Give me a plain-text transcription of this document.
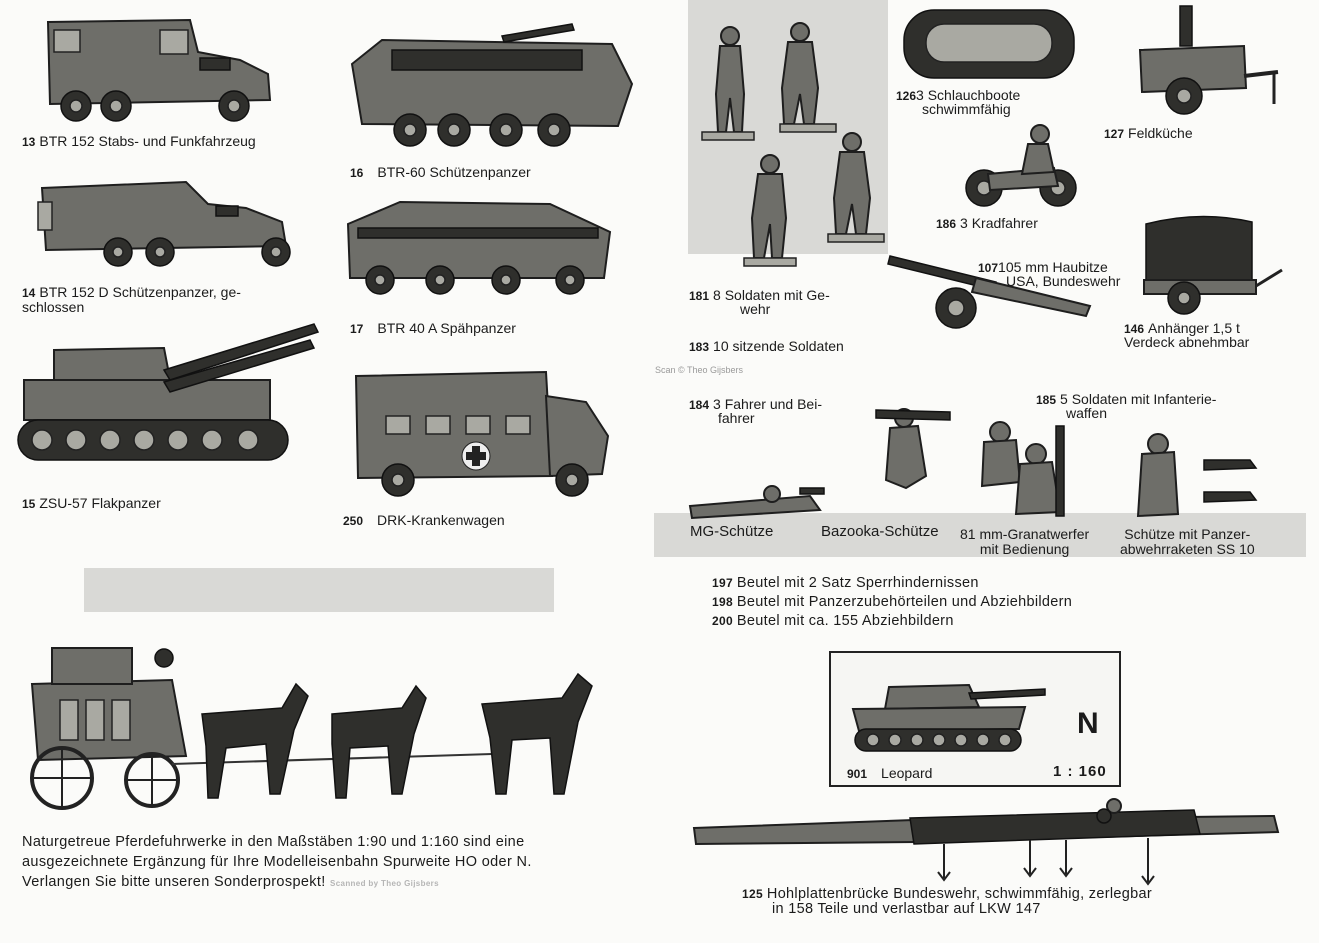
13 BTR 152 Stabs- und Funkfahrzeug
14 BTR 152 D Schützenpanzer, ge-
schlossen
15 ZSU-57 Flakpanzer
16 BTR-60 Schützenpanzer
17 BTR 40 A Spähpanzer
250 DRK-Krankenwagen
Naturgetreue Pferdefuhrwerke in den Maßstäben 1:90 und 1:160 sind eine
ausgezeichnete Ergänzung für Ihre Modelleisenbahn Spurweite HO oder N.
Verlangen Sie bitte unseren Sonderprospekt! Scanned by Theo Gijsbers
181 8 Soldaten mit Ge-
wehr
183 10 sitzende Soldaten
Scan © Theo Gijsbers
184 3 Fahrer und Bei-
fahrer
1263 Schlauchboote
schwimmfähig
127 Feldküche
186 3 Kradfahrer
107105 mm Haubitze
USA, Bundeswehr
146 Anhänger 1,5 t
Verdeck abnehmbar
185 5 Soldaten mit Infanterie-
waffen
MG-Schütze	Bazooka-Schütze 81 mm-Granatwerfer
mit Bedienung
Schütze mit Panzer-
abwehrraketen SS 10
197 Beutel mit 2 Satz Sperrhindernissen
198 Beutel mit Panzerzubehörteilen und Abziehbildern
200 Beutel mit ca. 155 Abziehbildern
N
901 Leopard	1 : 160
125 Hohlplattenbrücke Bundeswehr, schwimmfähig, zerlegbar
in 158 Teile und verlastbar auf LKW 147
